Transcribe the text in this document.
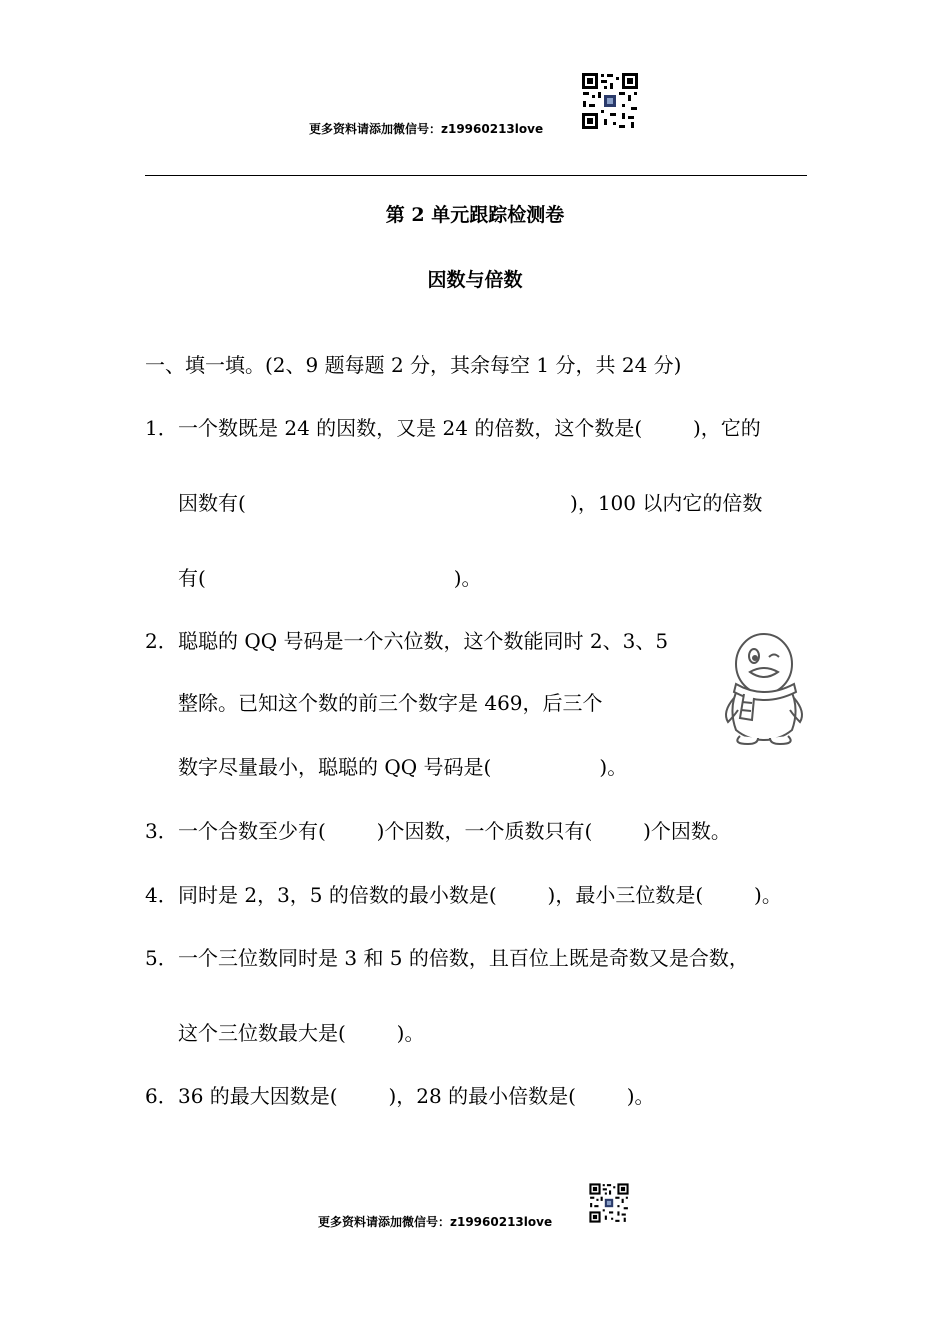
更多资料请添加微信号：z19960213love
第 2 单元跟踪检测卷
因数与倍数
一、填一填。(2、9 题每题 2 分，其余每空 1 分，共 24 分)
1． 一个数既是 24 的因数，又是 24 的倍数，这个数是(        )，它的
因数有(                                                   )，100 以内它的倍数
有(                                       )。
2． 聪聪的 QQ 号码是一个六位数，这个数能同时 2、3、5
整除。已知这个数的前三个数字是 469，后三个
数字尽量最小，聪聪的 QQ 号码是(                 )。
3． 一个合数至少有(        )个因数，一个质数只有(        )个因数。
4． 同时是 2，3，5 的倍数的最小数是(        )，最小三位数是(        )。
5． 一个三位数同时是 3 和 5 的倍数，且百位上既是奇数又是合数，
这个三位数最大是(        )。
6． 36 的最大因数是(        )，28 的最小倍数是(        )。
更多资料请添加微信号：z19960213love
